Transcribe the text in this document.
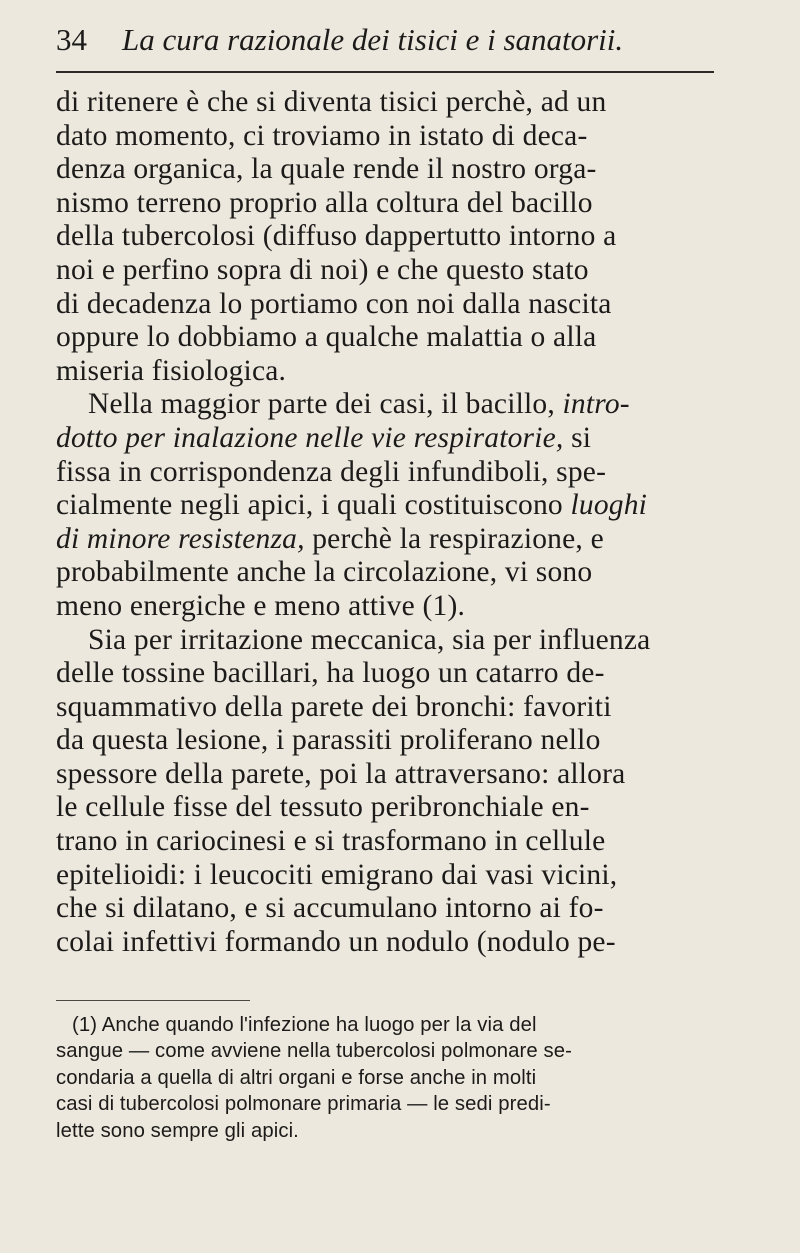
34 La cura razionale dei tisici e i sanatorii.
di ritenere è che si diventa tisici perchè, ad un
dato momento, ci troviamo in istato di deca-
denza organica, la quale rende il nostro orga-
nismo terreno proprio alla coltura del bacillo
della tubercolosi (diffuso dappertutto intorno a
noi e perfino sopra di noi) e che questo stato
di decadenza lo portiamo con noi dalla nascita
oppure lo dobbiamo a qualche malattia o alla
miseria fisiologica.
Nella maggior parte dei casi, il bacillo, intro-
dotto per inalazione nelle vie respiratorie, si
fissa in corrispondenza degli infundiboli, spe-
cialmente negli apici, i quali costituiscono luoghi
di minore resistenza, perchè la respirazione, e
probabilmente anche la circolazione, vi sono
meno energiche e meno attive (1).
Sia per irritazione meccanica, sia per influenza
delle tossine bacillari, ha luogo un catarro de-
squammativo della parete dei bronchi: favoriti
da questa lesione, i parassiti proliferano nello
spessore della parete, poi la attraversano: allora
le cellule fisse del tessuto peribronchiale en-
trano in cariocinesi e si trasformano in cellule
epitelioidi: i leucociti emigrano dai vasi vicini,
che si dilatano, e si accumulano intorno ai fo-
colai infettivi formando un nodulo (nodulo pe-
(1) Anche quando l'infezione ha luogo per la via del
sangue — come avviene nella tubercolosi polmonare se-
condaria a quella di altri organi e forse anche in molti
casi di tubercolosi polmonare primaria — le sedi predi-
lette sono sempre gli apici.
